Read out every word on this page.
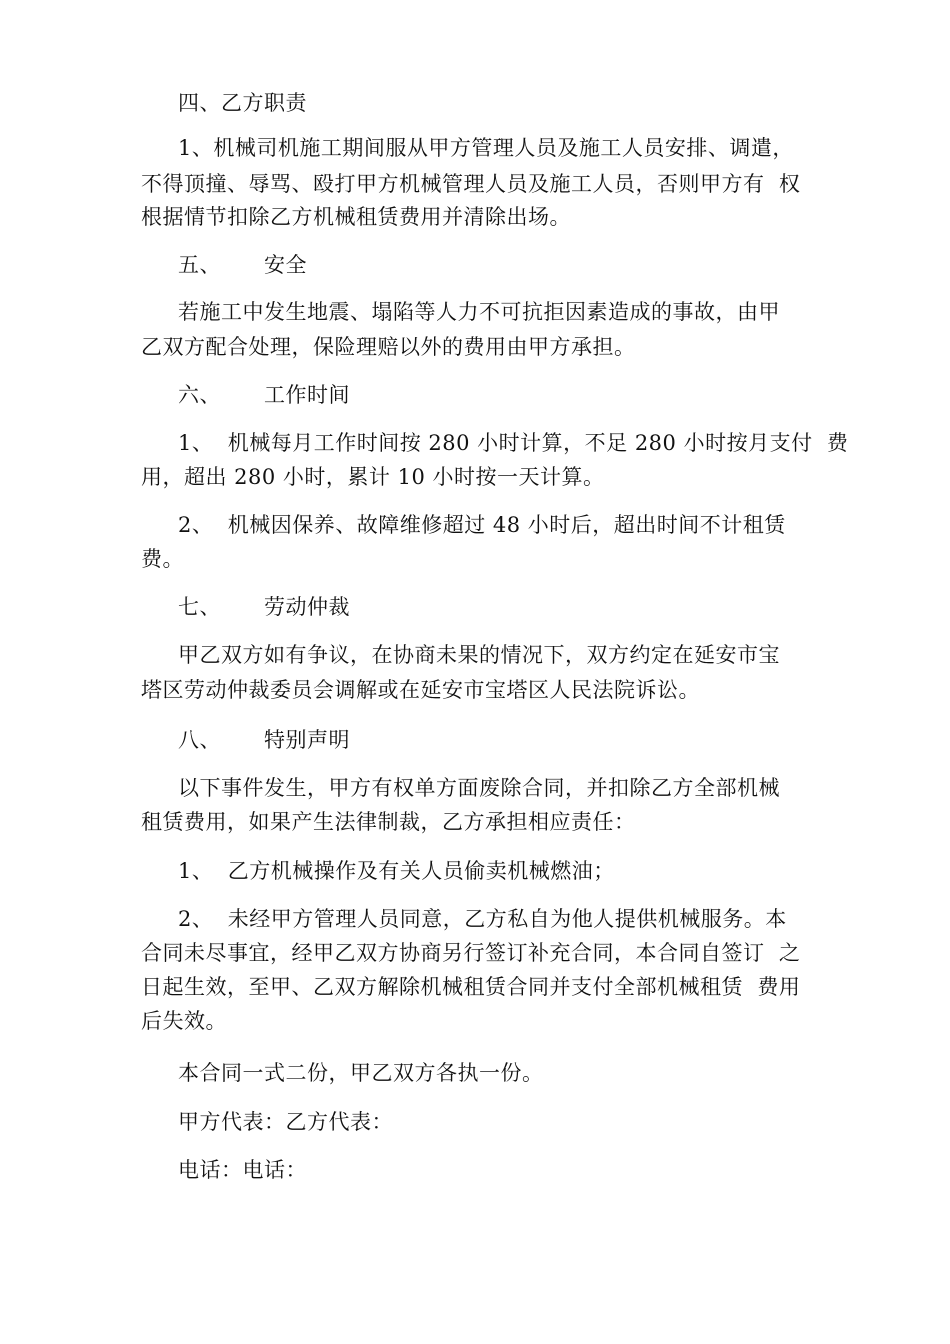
四、乙方职责
1、机械司机施工期间服从甲方管理人员及施工人员安排、调遣，
不得顶撞、辱骂、殴打甲方机械管理人员及施工人员，否则甲方有  权
根据情节扣除乙方机械租赁费用并清除出场。
五、      安全
若施工中发生地震、塌陷等人力不可抗拒因素造成的事故，由甲
乙双方配合处理，保险理赔以外的费用由甲方承担。
六、      工作时间
1、  机械每月工作时间按 280 小时计算，不足 280 小时按月支付  费
用，超出 280 小时，累计 10 小时按一天计算。
2、  机械因保养、故障维修超过 48 小时后，超出时间不计租赁
费。
七、      劳动仲裁
甲乙双方如有争议，在协商未果的情况下，双方约定在延安市宝
塔区劳动仲裁委员会调解或在延安市宝塔区人民法院诉讼。
八、      特别声明
以下事件发生，甲方有权单方面废除合同，并扣除乙方全部机械
租赁费用，如果产生法律制裁，乙方承担相应责任：
1、  乙方机械操作及有关人员偷卖机械燃油；
2、  未经甲方管理人员同意，乙方私自为他人提供机械服务。本
合同未尽事宜，经甲乙双方协商另行签订补充合同，本合同自签订  之
日起生效，至甲、乙双方解除机械租赁合同并支付全部机械租赁  费用
后失效。
本合同一式二份，甲乙双方各执一份。
甲方代表：乙方代表：
电话：电话：
